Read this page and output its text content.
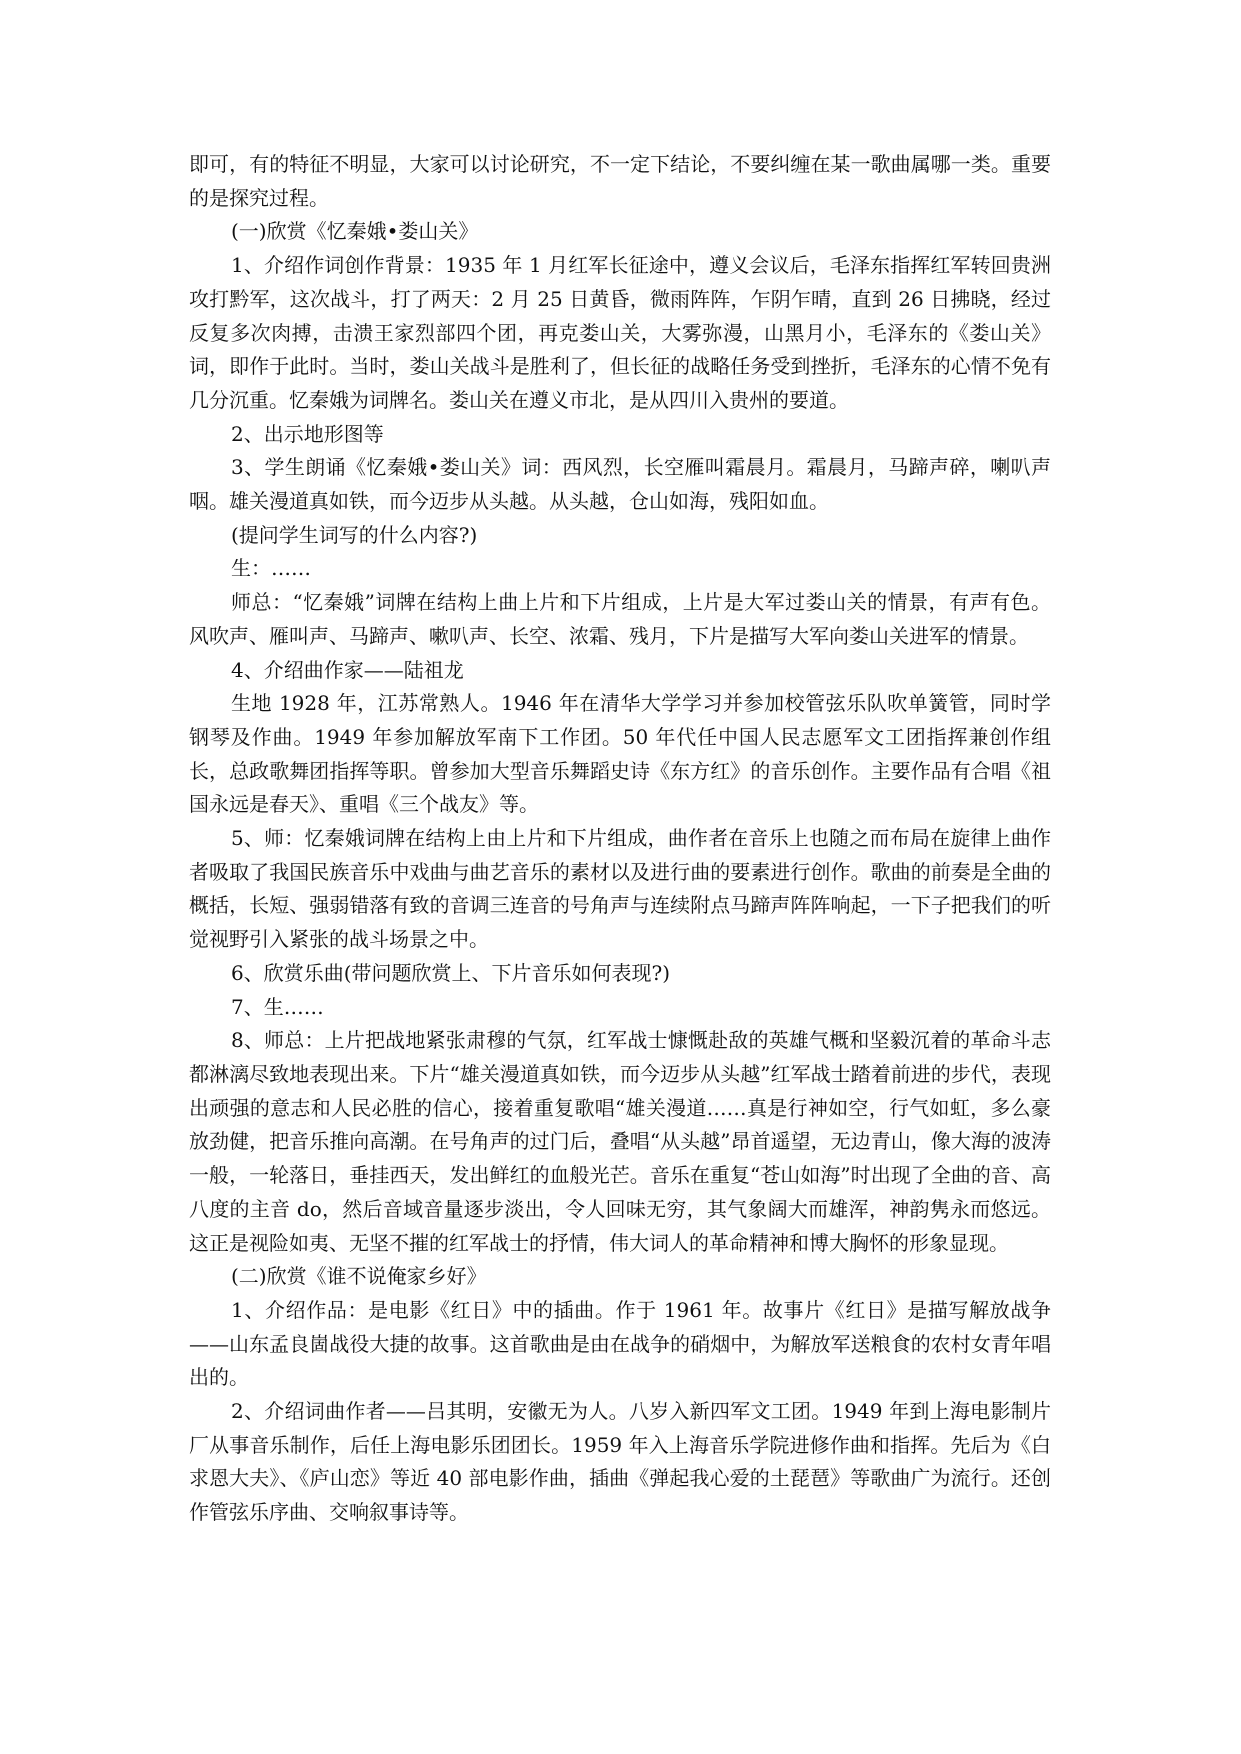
即可，有的特征不明显，大家可以讨论研究，不一定下结论，不要纠缠在某一歌曲属哪一类。重要的是探究过程。

(一)欣赏《忆秦娥•娄山关》

1、介绍作词创作背景：1935 年 1 月红军长征途中，遵义会议后，毛泽东指挥红军转回贵洲攻打黔军，这次战斗，打了两天：2 月 25 日黄昏，微雨阵阵，乍阴乍晴，直到 26 日拂晓，经过反复多次肉搏，击溃王家烈部四个团，再克娄山关，大雾弥漫，山黑月小，毛泽东的《娄山关》词，即作于此时。当时，娄山关战斗是胜利了，但长征的战略任务受到挫折，毛泽东的心情不免有几分沉重。忆秦娥为词牌名。娄山关在遵义市北，是从四川入贵州的要道。

2、出示地形图等

3、学生朗诵《忆秦娥•娄山关》词：西风烈，长空雁叫霜晨月。霜晨月，马蹄声碎，喇叭声咽。雄关漫道真如铁，而今迈步从头越。从头越，仓山如海，残阳如血。

(提问学生词写的什么内容?)

生：……

师总：“忆秦娥”词牌在结构上曲上片和下片组成，上片是大军过娄山关的情景，有声有色。风吹声、雁叫声、马蹄声、嗽叭声、长空、浓霜、残月，下片是描写大军向娄山关进军的情景。

4、介绍曲作家——陆祖龙

生地 1928 年，江苏常熟人。1946 年在清华大学学习并参加校管弦乐队吹单簧管，同时学钢琴及作曲。1949 年参加解放军南下工作团。50 年代任中国人民志愿军文工团指挥兼创作组长，总政歌舞团指挥等职。曾参加大型音乐舞蹈史诗《东方红》的音乐创作。主要作品有合唱《祖国永远是春天》、重唱《三个战友》等。

5、师：忆秦娥词牌在结构上由上片和下片组成，曲作者在音乐上也随之而布局在旋律上曲作者吸取了我国民族音乐中戏曲与曲艺音乐的素材以及进行曲的要素进行创作。歌曲的前奏是全曲的概括，长短、强弱错落有致的音调三连音的号角声与连续附点马蹄声阵阵响起，一下子把我们的听觉视野引入紧张的战斗场景之中。

6、欣赏乐曲(带问题欣赏上、下片音乐如何表现?)

7、生……

8、师总：上片把战地紧张肃穆的气氛，红军战士慷慨赴敌的英雄气概和坚毅沉着的革命斗志都淋漓尽致地表现出来。下片“雄关漫道真如铁，而今迈步从头越”红军战士踏着前进的步代，表现出顽强的意志和人民必胜的信心，接着重复歌唱“雄关漫道……真是行神如空，行气如虹，多么豪放劲健，把音乐推向高潮。在号角声的过门后，叠唱“从头越”昂首遥望，无边青山，像大海的波涛一般，一轮落日，垂挂西天，发出鲜红的血般光芒。音乐在重复“苍山如海”时出现了全曲的音、高八度的主音 do，然后音域音量逐步淡出，令人回味无穷，其气象阔大而雄浑，神韵隽永而悠远。这正是视险如夷、无坚不摧的红军战士的抒情，伟大词人的革命精神和博大胸怀的形象显现。

(二)欣赏《谁不说俺家乡好》

1、介绍作品：是电影《红日》中的插曲。作于 1961 年。故事片《红日》是描写解放战争——山东孟良崮战役大捷的故事。这首歌曲是由在战争的硝烟中，为解放军送粮食的农村女青年唱出的。

2、介绍词曲作者——吕其明，安徽无为人。八岁入新四军文工团。1949 年到上海电影制片厂从事音乐制作，后任上海电影乐团团长。1959 年入上海音乐学院进修作曲和指挥。先后为《白求恩大夫》、《庐山恋》等近 40 部电影作曲，插曲《弹起我心爱的土琵琶》等歌曲广为流行。还创作管弦乐序曲、交响叙事诗等。
